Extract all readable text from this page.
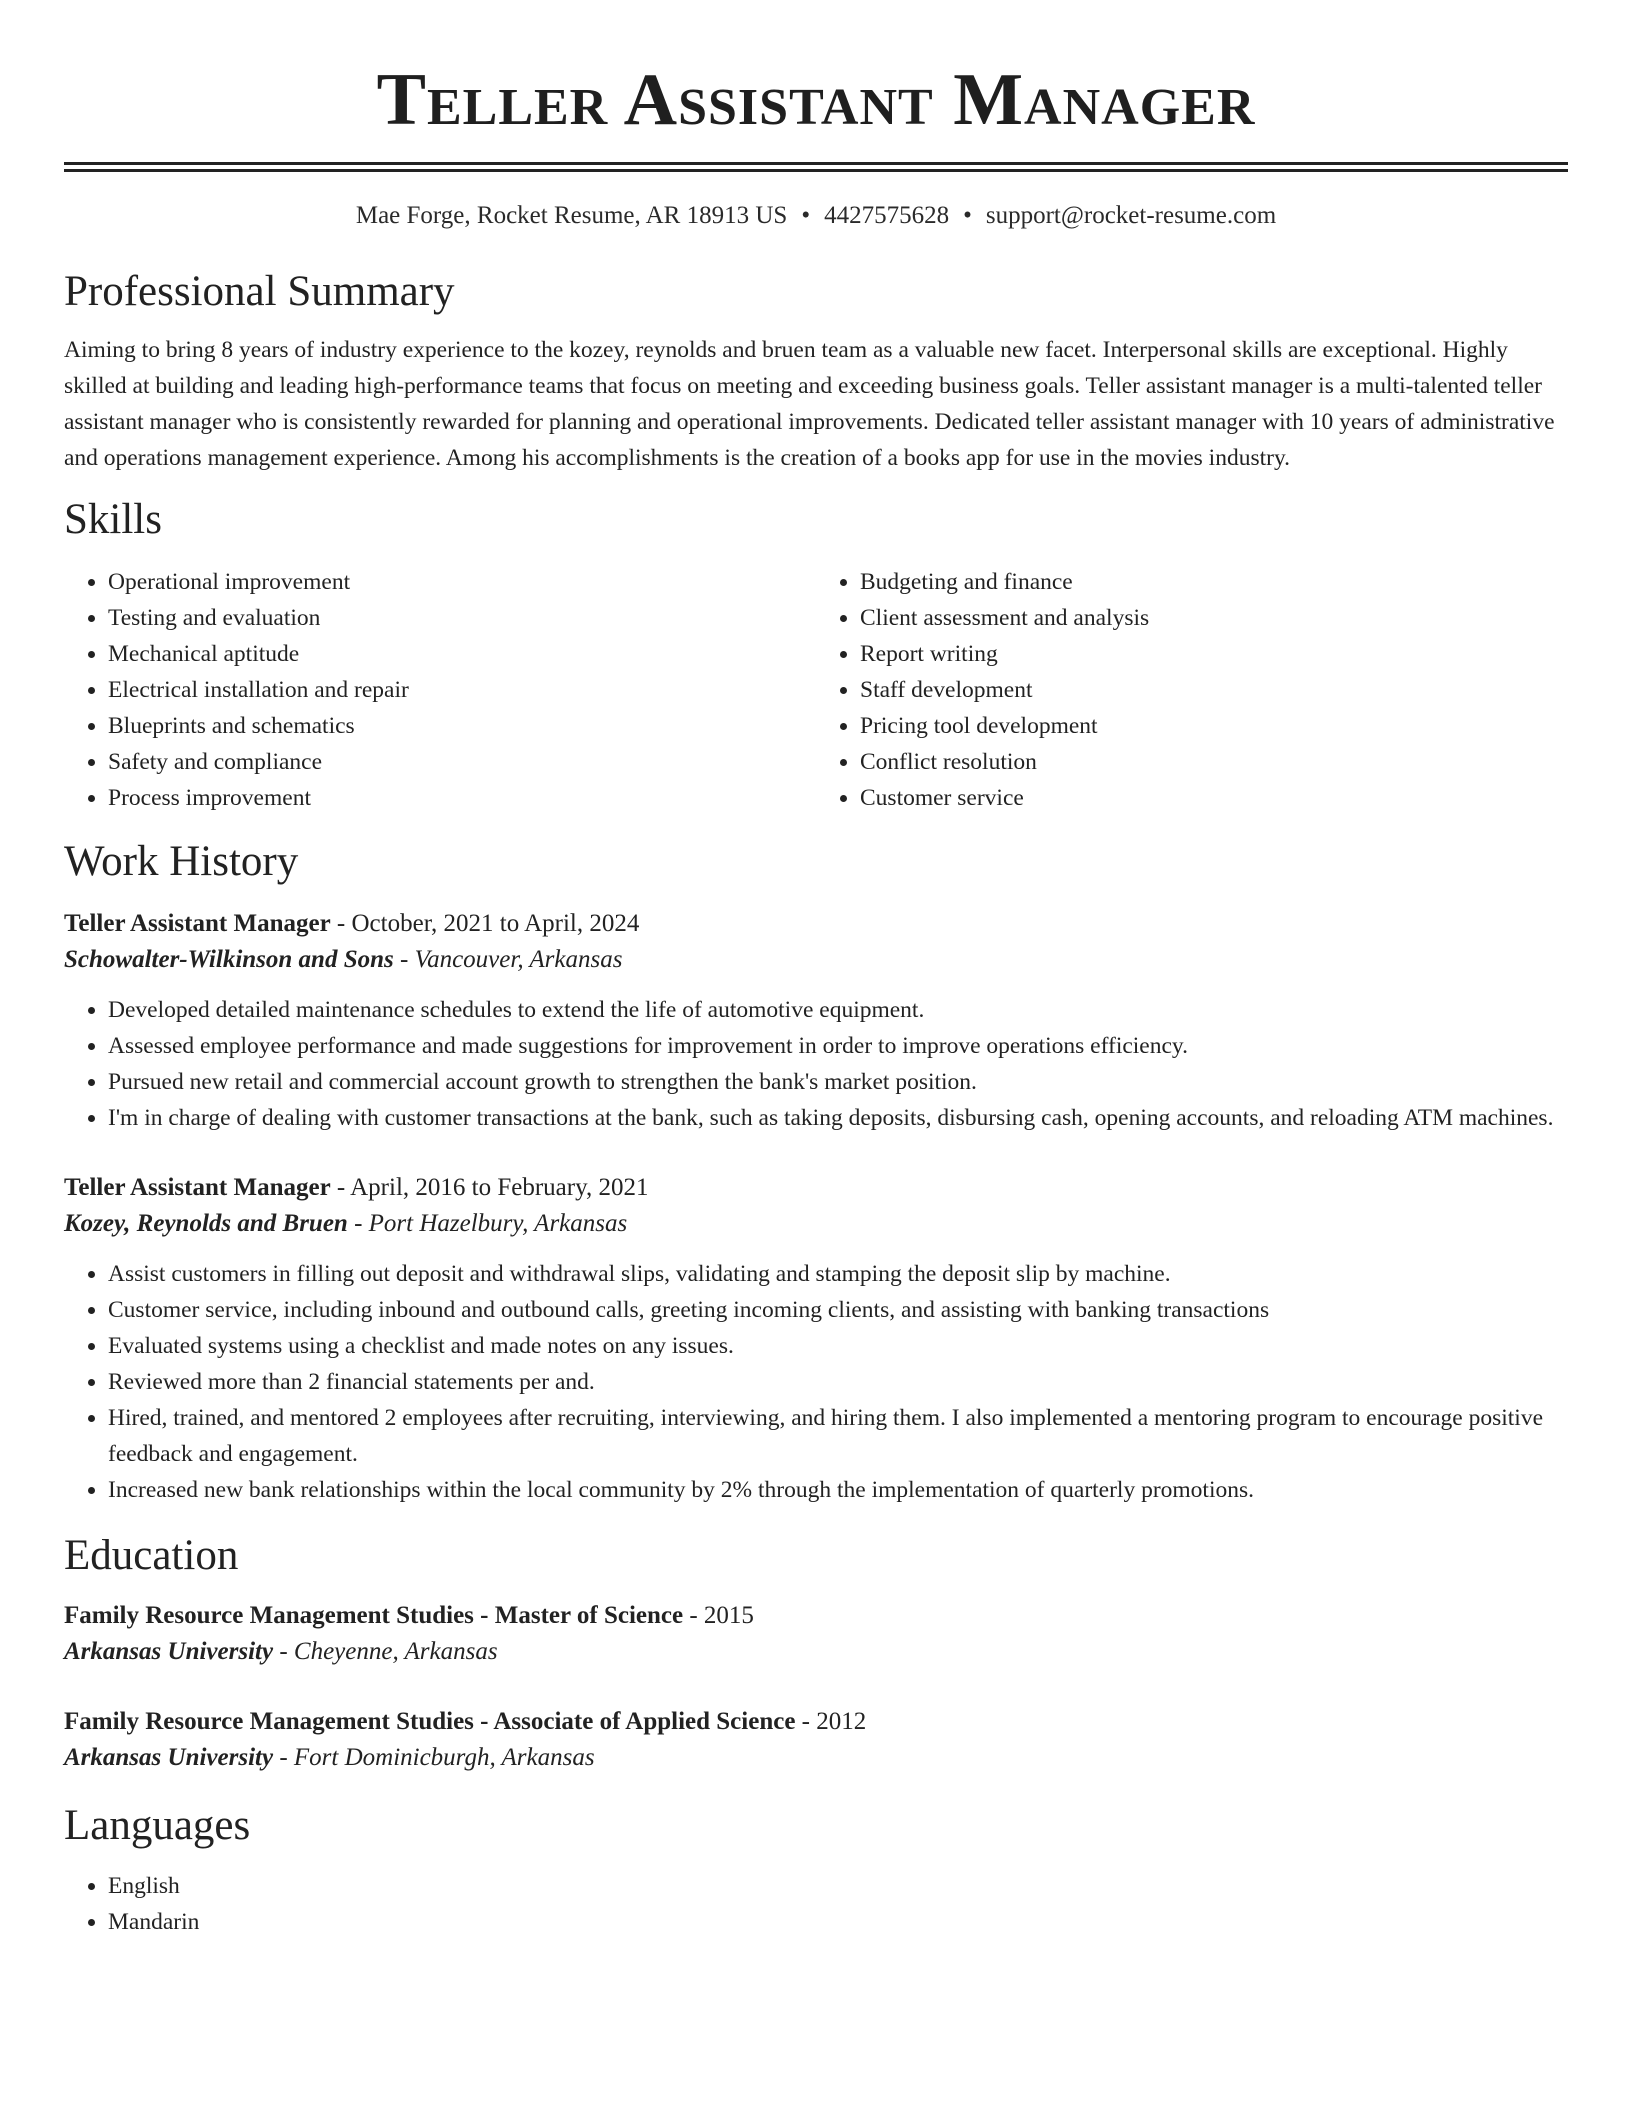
Teller Assistant Manager
Mae Forge, Rocket Resume, AR 18913 US • 4427575628 • support@rocket-resume.com
Professional Summary

Aiming to bring 8 years of industry experience to the kozey, reynolds and bruen team as a valuable new facet. Interpersonal skills are exceptional. Highly skilled at building and leading high-performance teams that focus on meeting and exceeding business goals. Teller assistant manager is a multi-talented teller assistant manager who is consistently rewarded for planning and operational improvements. Dedicated teller assistant manager with 10 years of administrative and operations management experience. Among his accomplishments is the creation of a books app for use in the movies industry.

Skills
• Operational improvement
• Testing and evaluation
• Mechanical aptitude
• Electrical installation and repair
• Blueprints and schematics
• Safety and compliance
• Process improvement
• Budgeting and finance
• Client assessment and analysis
• Report writing
• Staff development
• Pricing tool development
• Conflict resolution
• Customer service
Work History
Teller Assistant Manager - October, 2021 to April, 2024
Schowalter-Wilkinson and Sons - Vancouver, Arkansas
• Developed detailed maintenance schedules to extend the life of automotive equipment.
• Assessed employee performance and made suggestions for improvement in order to improve operations efficiency.
• Pursued new retail and commercial account growth to strengthen the bank's market position.
• I'm in charge of dealing with customer transactions at the bank, such as taking deposits, disbursing cash, opening accounts, and reloading ATM machines.
Teller Assistant Manager - April, 2016 to February, 2021
Kozey, Reynolds and Bruen - Port Hazelbury, Arkansas
• Assist customers in filling out deposit and withdrawal slips, validating and stamping the deposit slip by machine.
• Customer service, including inbound and outbound calls, greeting incoming clients, and assisting with banking transactions
• Evaluated systems using a checklist and made notes on any issues.
• Reviewed more than 2 financial statements per and.
• Hired, trained, and mentored 2 employees after recruiting, interviewing, and hiring them. I also implemented a mentoring program to encourage positive feedback and engagement.
• Increased new bank relationships within the local community by 2% through the implementation of quarterly promotions.
Education
Family Resource Management Studies - Master of Science - 2015
Arkansas University - Cheyenne, Arkansas
Family Resource Management Studies - Associate of Applied Science - 2012
Arkansas University - Fort Dominicburgh, Arkansas
Languages
• English
• Mandarin
